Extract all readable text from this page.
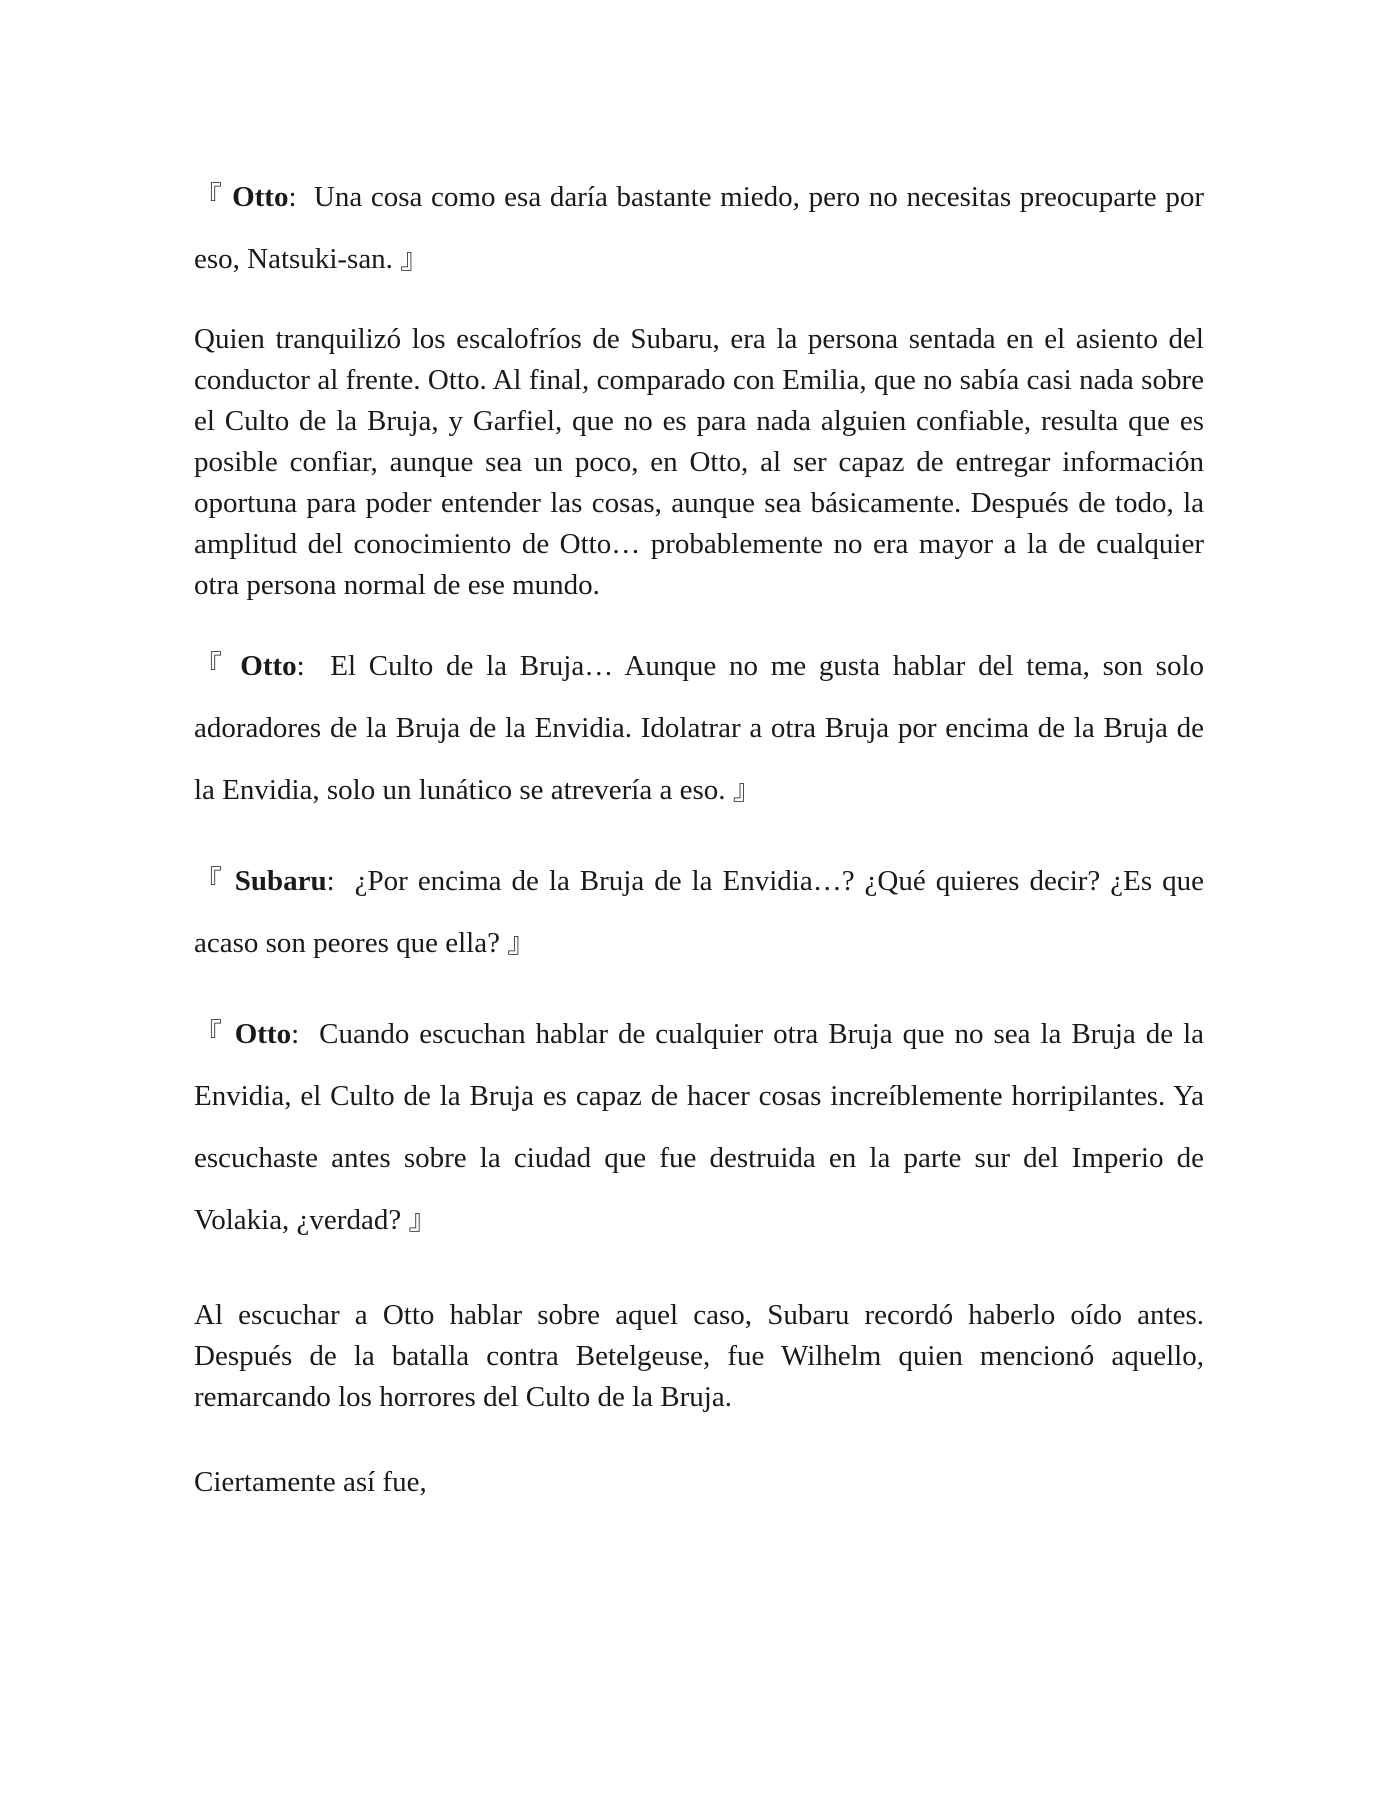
『 Otto:  Una cosa como esa daría bastante miedo, pero no necesitas preocuparte por eso, Natsuki-san. 』

Quien tranquilizó los escalofríos de Subaru, era la persona sentada en el asiento del conductor al frente. Otto. Al final, comparado con Emilia, que no sabía casi nada sobre el Culto de la Bruja, y Garfiel, que no es para nada alguien confiable, resulta que es posible confiar, aunque sea un poco, en Otto, al ser capaz de entregar información oportuna para poder entender las cosas, aunque sea básicamente. Después de todo, la amplitud del conocimiento de Otto… probablemente no era mayor a la de cualquier otra persona normal de ese mundo.

『 Otto:  El Culto de la Bruja… Aunque no me gusta hablar del tema, son solo adoradores de la Bruja de la Envidia. Idolatrar a otra Bruja por encima de la Bruja de la Envidia, solo un lunático se atrevería a eso. 』

『 Subaru:  ¿Por encima de la Bruja de la Envidia…? ¿Qué quieres decir? ¿Es que acaso son peores que ella? 』

『 Otto:  Cuando escuchan hablar de cualquier otra Bruja que no sea la Bruja de la Envidia, el Culto de la Bruja es capaz de hacer cosas increíblemente horripilantes. Ya escuchaste antes sobre la ciudad que fue destruida en la parte sur del Imperio de Volakia, ¿verdad? 』

Al escuchar a Otto hablar sobre aquel caso, Subaru recordó haberlo oído antes. Después de la batalla contra Betelgeuse, fue Wilhelm quien mencionó aquello, remarcando los horrores del Culto de la Bruja.

Ciertamente así fue,
